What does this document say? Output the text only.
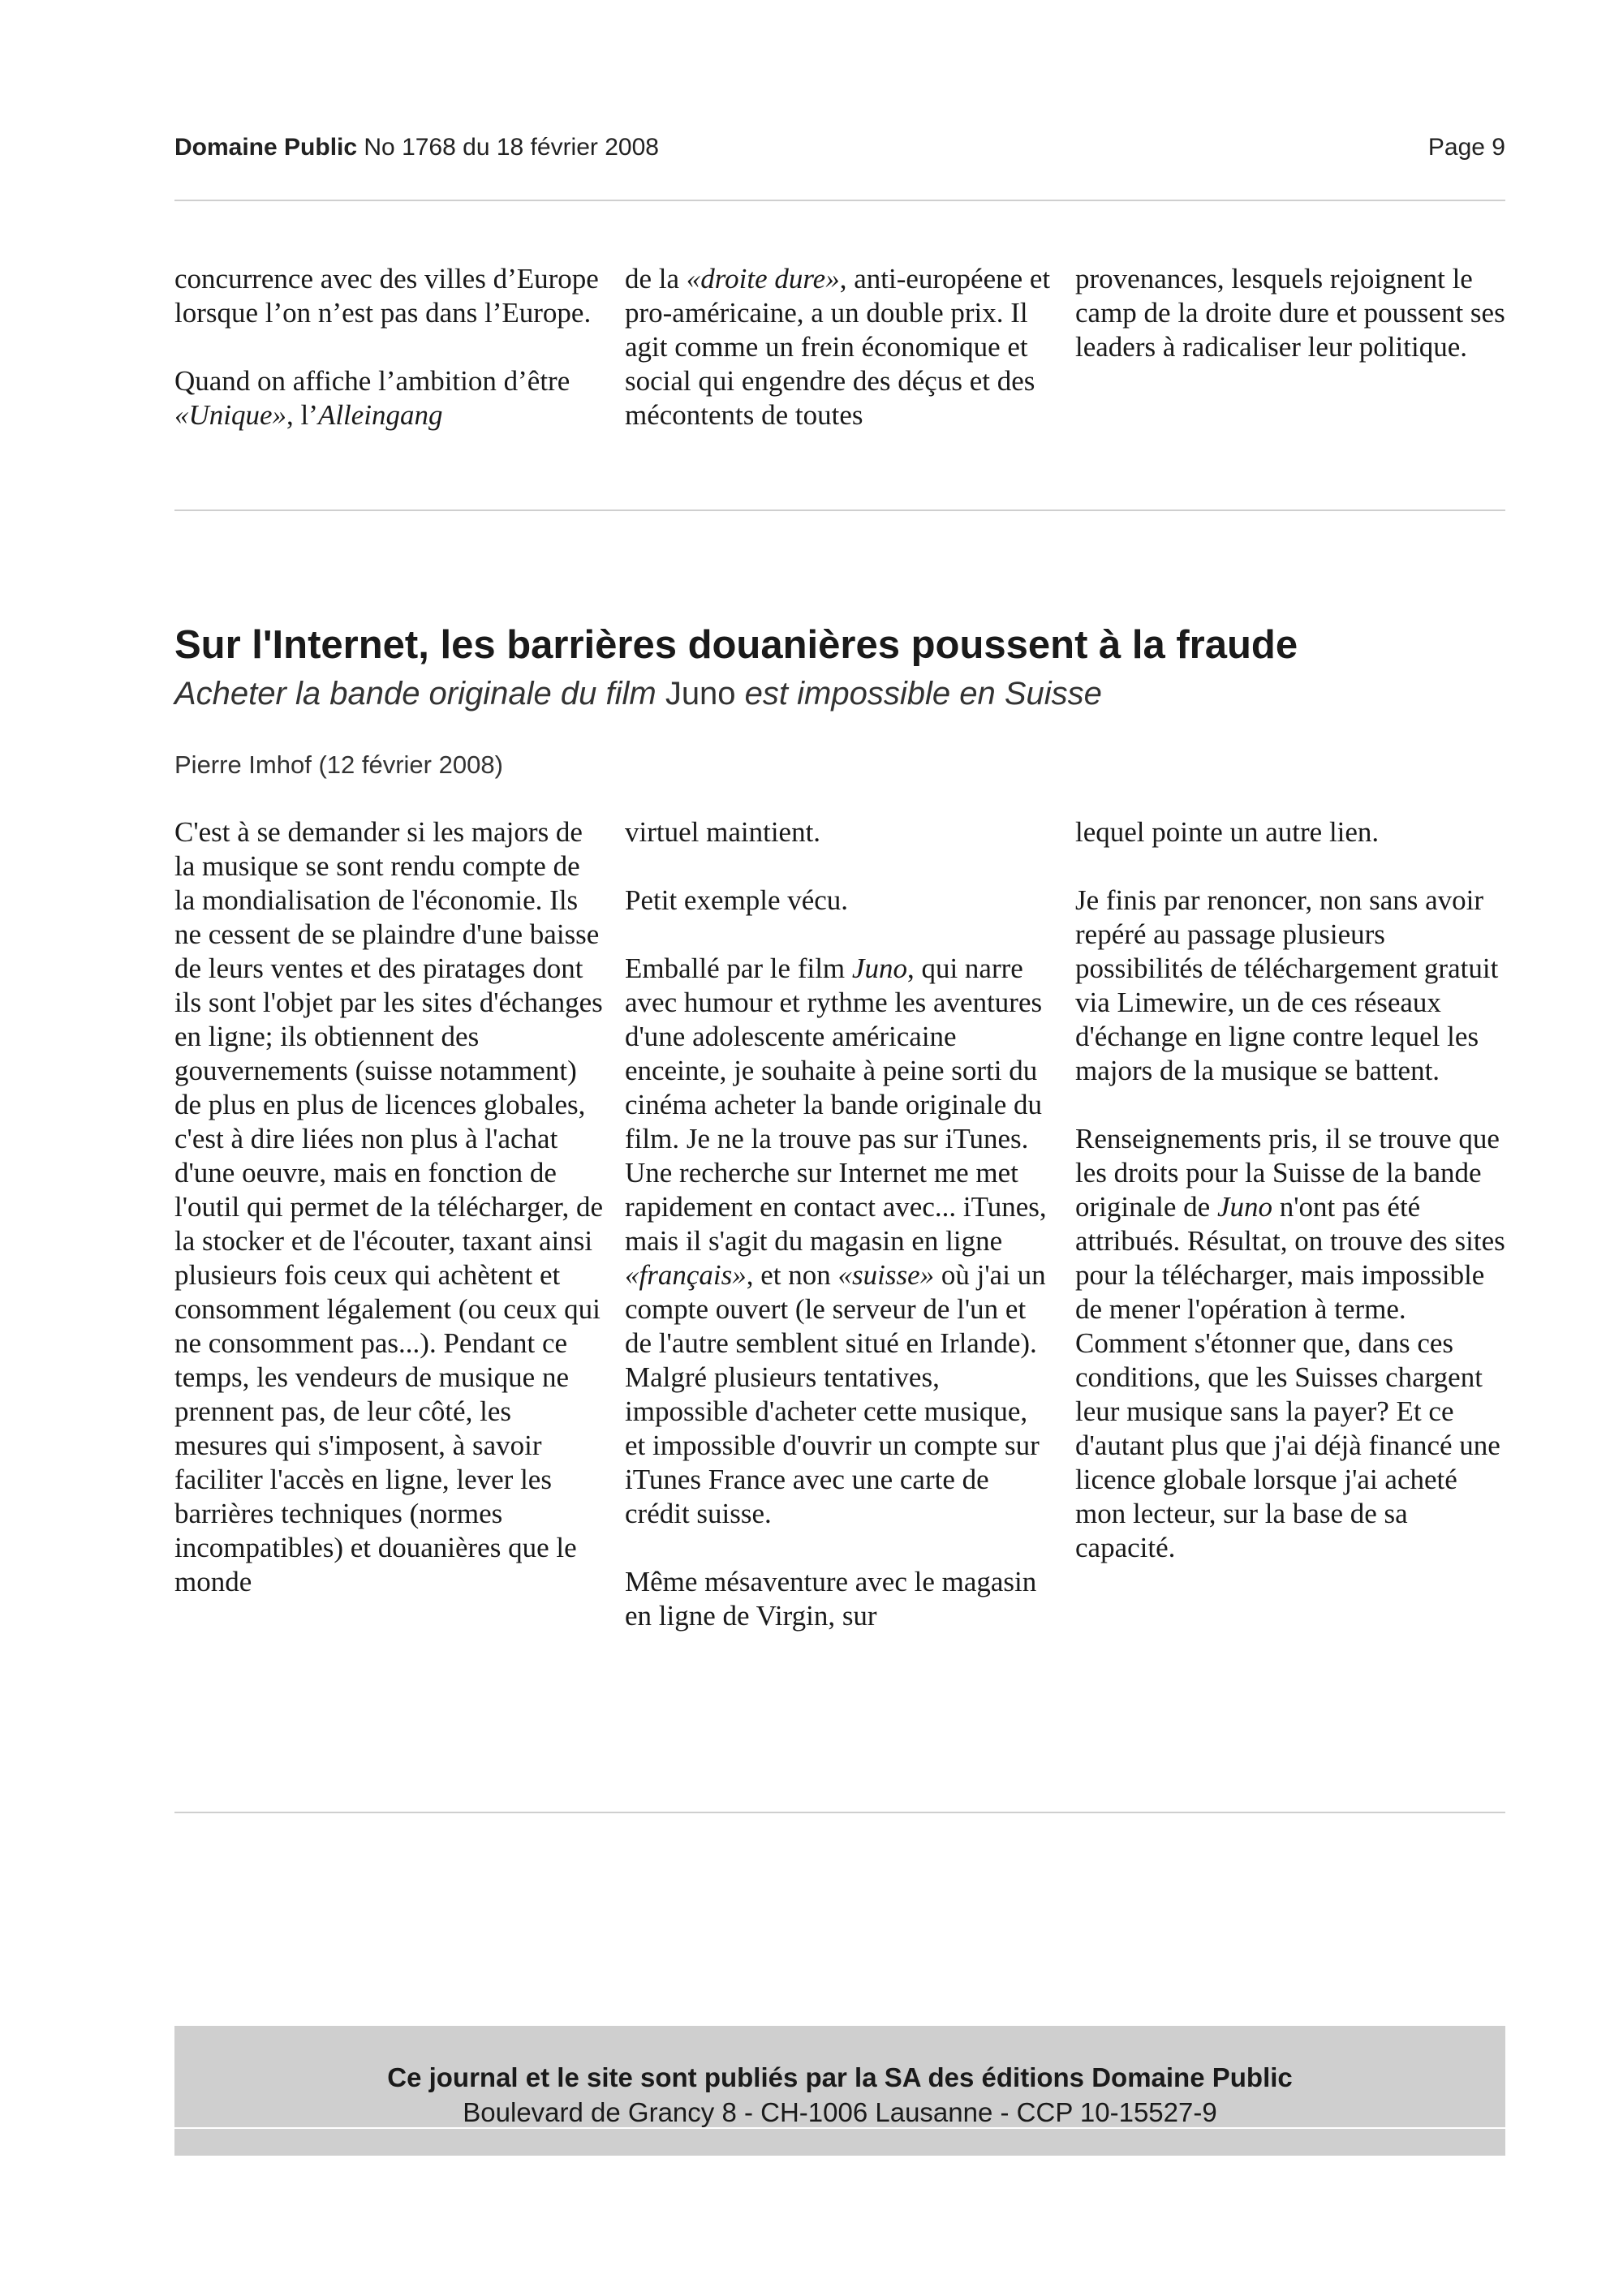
Domaine Public No 1768 du 18 février 2008	Page 9

concurrence avec des villes d’Europe lorsque l’on n’est pas dans l’Europe.

Quand on affiche l’ambition d’être «Unique», l’Alleingang

de la «droite dure», anti-européene et pro-américaine, a un double prix. Il agit comme un frein économique et social qui engendre des déçus et des mécontents de toutes

provenances, lesquels rejoignent le camp de la droite dure et poussent ses leaders à radicaliser leur politique.

Sur l'Internet, les barrières douanières poussent à la fraude
Acheter la bande originale du film Juno est impossible en Suisse
Pierre Imhof (12 février 2008)

C'est à se demander si les majors de la musique se sont rendu compte de la mondialisation de l'économie. Ils ne cessent de se plaindre d'une baisse de leurs ventes et des piratages dont ils sont l'objet par les sites d'échanges en ligne; ils obtiennent des gouvernements (suisse notamment) de plus en plus de licences globales, c'est à dire liées non plus à l'achat d'une oeuvre, mais en fonction de l'outil qui permet de la télécharger, de la stocker et de l'écouter, taxant ainsi plusieurs fois ceux qui achètent et consomment légalement (ou ceux qui ne consomment pas...). Pendant ce temps, les vendeurs de musique ne prennent pas, de leur côté, les mesures qui s'imposent, à savoir faciliter l'accès en ligne, lever les barrières techniques (normes incompatibles) et douanières que le monde

virtuel maintient.

Petit exemple vécu.

Emballé par le film Juno, qui narre avec humour et rythme les aventures d'une adolescente américaine enceinte, je souhaite à peine sorti du cinéma acheter la bande originale du film. Je ne la trouve pas sur iTunes. Une recherche sur Internet me met rapidement en contact avec... iTunes, mais il s'agit du magasin en ligne «français», et non «suisse» où j'ai un compte ouvert (le serveur de l'un et de l'autre semblent situé en Irlande). Malgré plusieurs tentatives, impossible d'acheter cette musique, et impossible d'ouvrir un compte sur iTunes France avec une carte de crédit suisse.

Même mésaventure avec le magasin en ligne de Virgin, sur

lequel pointe un autre lien.

Je finis par renoncer, non sans avoir repéré au passage plusieurs possibilités de téléchargement gratuit via Limewire, un de ces réseaux d'échange en ligne contre lequel les majors de la musique se battent.

Renseignements pris, il se trouve que les droits pour la Suisse de la bande originale de Juno n'ont pas été attribués. Résultat, on trouve des sites pour la télécharger, mais impossible de mener l'opération à terme. Comment s'étonner que, dans ces conditions, que les Suisses chargent leur musique sans la payer? Et ce d'autant plus que j'ai déjà financé une licence globale lorsque j'ai acheté mon lecteur, sur la base de sa capacité.

Ce journal et le site sont publiés par la SA des éditions Domaine Public
Boulevard de Grancy 8 - CH-1006 Lausanne - CCP 10-15527-9
